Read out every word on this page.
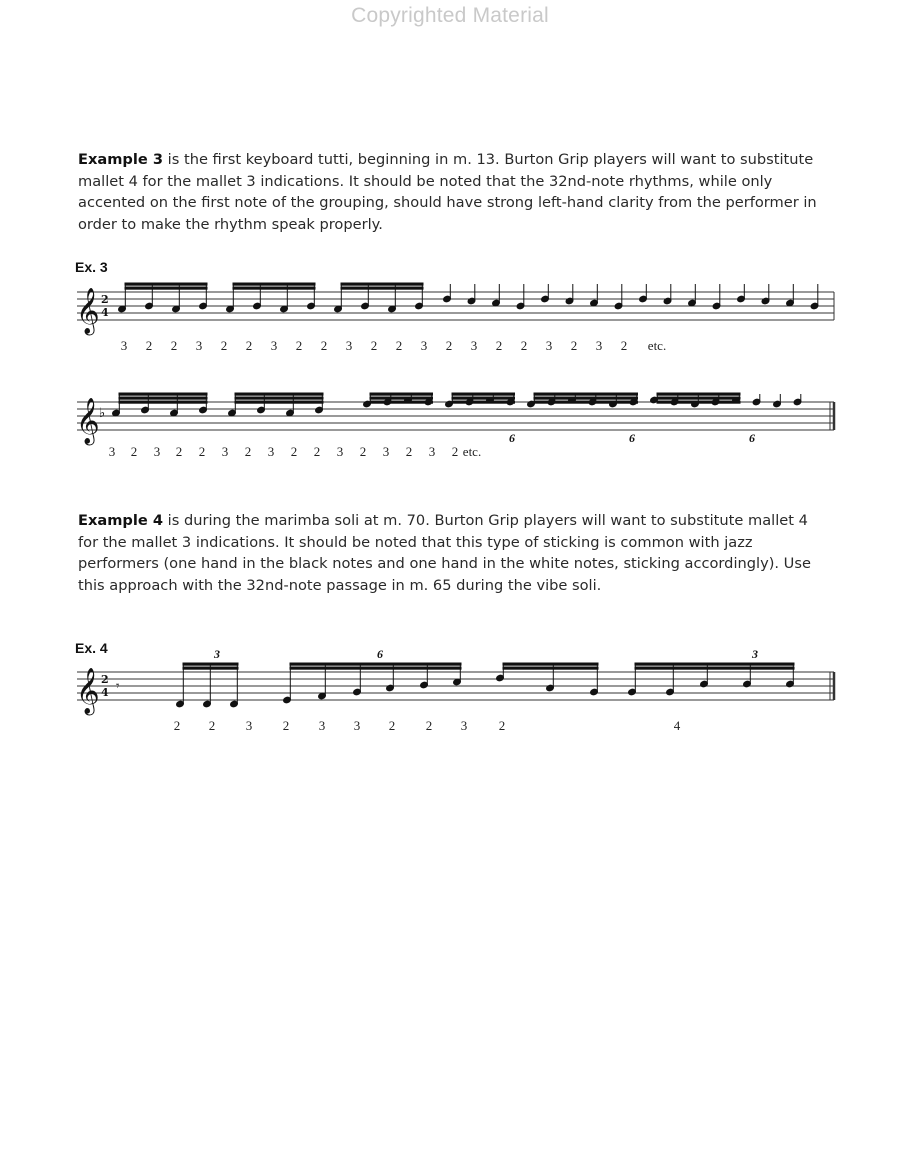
Copyrighted Material
Example 3 is the first keyboard tutti, beginning in m. 13. Burton Grip players will want to substitute mallet 4 for the mallet 3 indications. It should be noted that the 32nd-note rhythms, while only accented on the first note of the grouping, should have strong left-hand clarity from the performer in order to make the rhythm speak properly.
Ex. 3
𝄞 2
4
3 2 2 3 2 2 3 2 2 3 2 2 3 2 3 2 2 3 2 3 2 etc.
𝄞 ♭
6	6	6
3 2 3 2 2 3 2 3 2 2 3 2 3 2 3 2 etc.
Example 4 is during the marimba soli at m. 70. Burton Grip players will want to substitute mallet 4 for the mallet 3 indications. It should be noted that this type of sticking is common with jazz performers (one hand in the black notes and one hand in the white notes, sticking accordingly). Use this approach with the 32nd-note passage in m. 65 during the vibe soli.
Ex. 4
𝄞 2
4 𝄾
3	6	3
2 2 3 2 3 3 2 2 3 2	4
